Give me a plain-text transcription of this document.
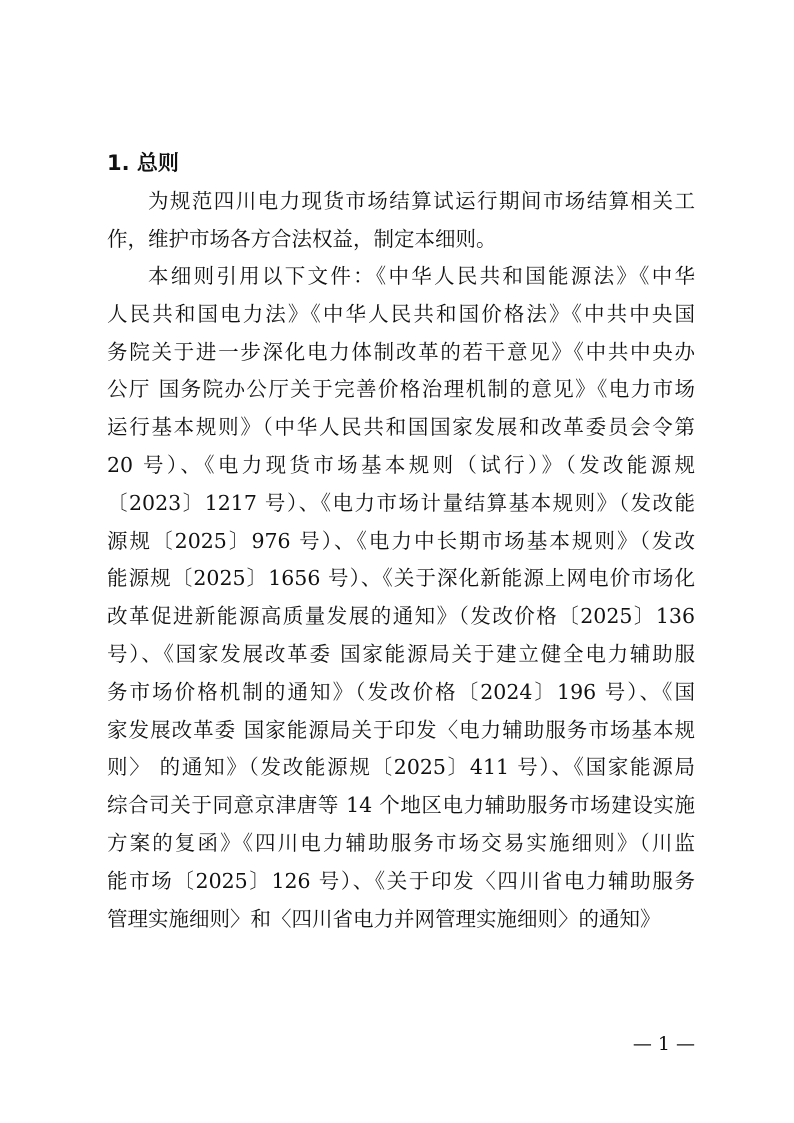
1. 总则
为规范四川电力现货市场结算试运行期间市场结算相关工
作，维护市场各方合法权益，制定本细则。
本细则引用以下文件：《中华人民共和国能源法》《中华
人民共和国电力法》《中华人民共和国价格法》《中共中央国
务院关于进一步深化电力体制改革的若干意见》《中共中央办
公厅 国务院办公厅关于完善价格治理机制的意见》《电力市场
运行基本规则》（中华人民共和国国家发展和改革委员会令第
20 号）、《电力现货市场基本规则（试行）》（发改能源规
〔2023〕1217 号）、《电力市场计量结算基本规则》（发改能
源规〔2025〕976 号）、《电力中长期市场基本规则》（发改
能源规〔2025〕1656 号）、《关于深化新能源上网电价市场化
改革促进新能源高质量发展的通知》（发改价格〔2025〕136
号）、《国家发展改革委 国家能源局关于建立健全电力辅助服
务市场价格机制的通知》（发改价格〔2024〕196 号）、《国
家发展改革委 国家能源局关于印发〈电力辅助服务市场基本规
则〉 的通知》（发改能源规〔2025〕411 号）、《国家能源局
综合司关于同意京津唐等 14 个地区电力辅助服务市场建设实施
方案的复函》《四川电力辅助服务市场交易实施细则》（川监
能市场〔2025〕126 号）、《关于印发〈四川省电力辅助服务
管理实施细则〉和〈四川省电力并网管理实施细则〉的通知》
— 1 —
